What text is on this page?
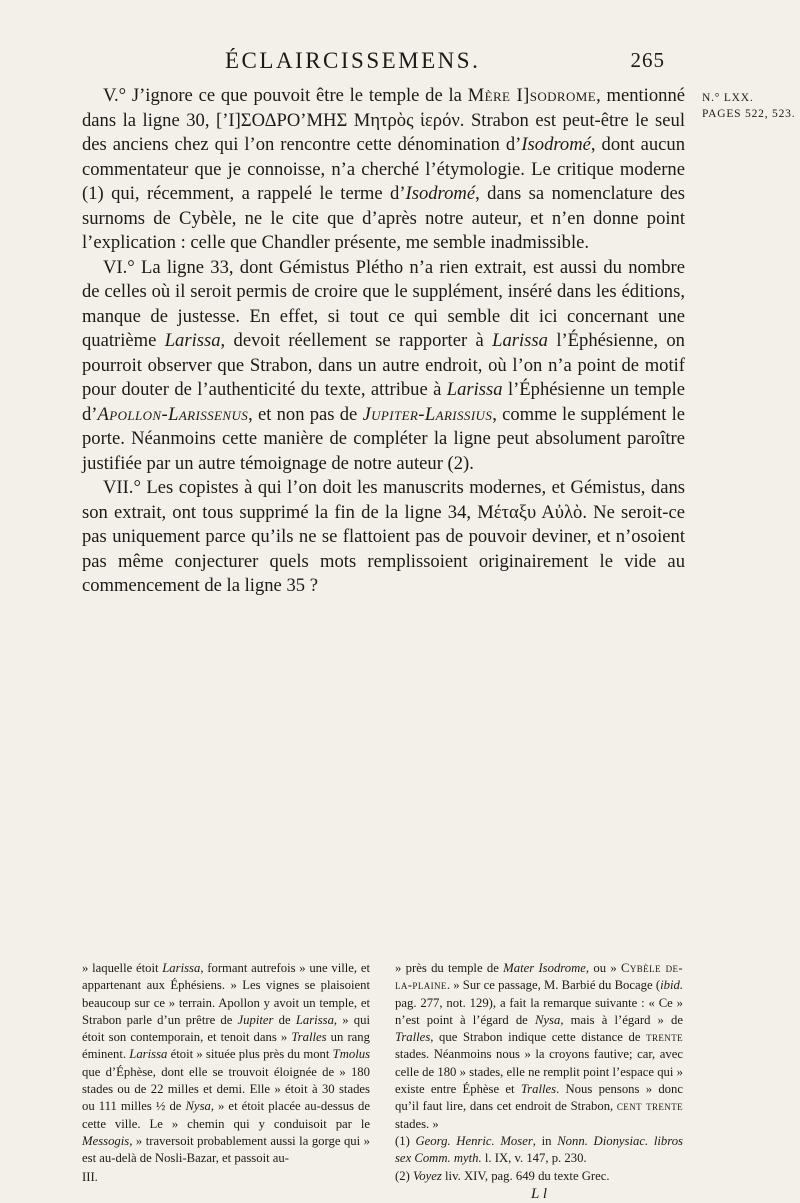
ÉCLAIRCISSEMENS.	265
N.° LXX.
PAGES 522, 523.

V.° J’ignore ce que pouvoit être le temple de la Mère I]sodrome, mentionné dans la ligne 30, [’I]ΣΟΔΡΟ’ΜΗΣ Μητρὸς ἱερόν. Strabon est peut-être le seul des anciens chez qui l’on rencontre cette dénomination d’Isodromé, dont aucun commentateur que je connoisse, n’a cherché l’étymologie. Le critique moderne (1) qui, récemment, a rappelé le terme d’Isodromé, dans sa nomenclature des surnoms de Cybèle, ne le cite que d’après notre auteur, et n’en donne point l’explication : celle que Chandler présente, me semble inadmissible.

VI.° La ligne 33, dont Gémistus Plétho n’a rien extrait, est aussi du nombre de celles où il seroit permis de croire que le supplément, inséré dans les éditions, manque de justesse. En effet, si tout ce qui semble dit ici concernant une quatrième Larissa, devoit réellement se rapporter à Larissa l’Éphésienne, on pourroit observer que Strabon, dans un autre endroit, où l’on n’a point de motif pour douter de l’authenticité du texte, attribue à Larissa l’Éphésienne un temple d’Apollon-Larissenus, et non pas de Jupiter-Larissius, comme le supplément le porte. Néanmoins cette manière de compléter la ligne peut absolument paroître justifiée par un autre témoignage de notre auteur (2).

VII.° Les copistes à qui l’on doit les manuscrits modernes, et Gémistus, dans son extrait, ont tous supprimé la fin de la ligne 34, Μέταξυ Αὐλὸ. Ne seroit-ce pas uniquement parce qu’ils ne se flattoient pas de pouvoir deviner, et n’osoient pas même conjecturer quels mots remplissoient originairement le vide au commencement de la ligne 35 ?

» laquelle étoit Larissa, formant autrefois » une ville, et appartenant aux Éphésiens. » Les vignes se plaisoient beaucoup sur ce » terrain. Apollon y avoit un temple, et Strabon parle d’un prêtre de Jupiter de Larissa, » qui étoit son contemporain, et tenoit dans » Tralles un rang éminent. Larissa étoit » située plus près du mont Tmolus que d’Éphèse, dont elle se trouvoit éloignée de » 180 stades ou de 22 milles et demi. Elle » étoit à 30 stades ou 111 milles ½ de Nysa, » et étoit placée au-dessus de cette ville. Le » chemin qui y conduisoit par le Messogis, » traversoit probablement aussi la gorge qui » est au-delà de Nosli-Bazar, et passoit au-

III.

» près du temple de Mater Isodrome, ou » Cybèle de-la-plaine. » Sur ce passage, M. Barbié du Bocage (ibid. pag. 277, not. 129), a fait la remarque suivante : « Ce » n’est point à l’égard de Nysa, mais à l’égard » de Tralles, que Strabon indique cette distance de trente stades. Néanmoins nous » la croyons fautive; car, avec celle de 180 » stades, elle ne remplit point l’espace qui » existe entre Éphèse et Tralles. Nous pensons » donc qu’il faut lire, dans cet endroit de Strabon, cent trente stades. »

(1) Georg. Henric. Moser, in Nonn. Dionysiac. libros sex Comm. myth. l. IX, v. 147, p. 230.

(2) Voyez liv. XIV, pag. 649 du texte Grec.

L l
